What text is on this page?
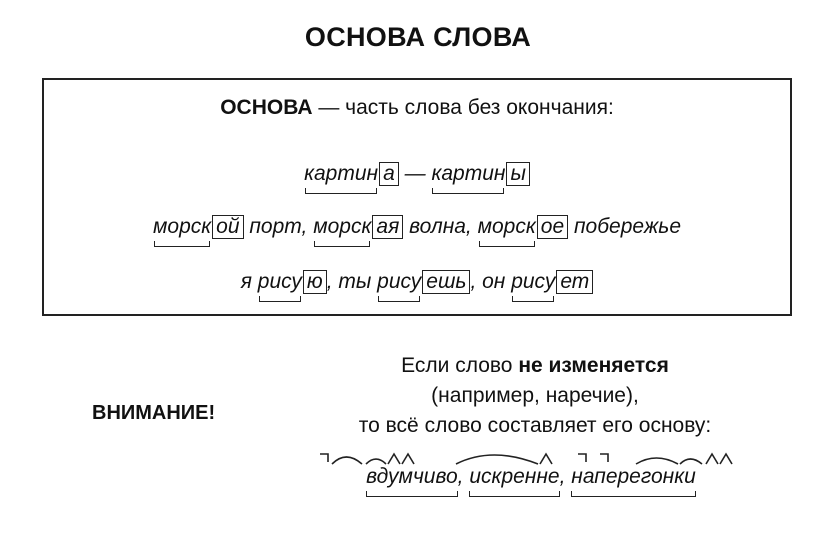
ОСНОВА СЛОВА
ОСНОВА — часть слова без окончания:
картин а — картин ы
морск ой порт, морск ая волна, морск ое побережье
я рису ю , ты рису ешь , он рису ет
ВНИМАНИЕ!
Если слово не изменяется
(например, наречие),
то всё слово составляет его основу:
вдумчиво, искренне, наперегонки
